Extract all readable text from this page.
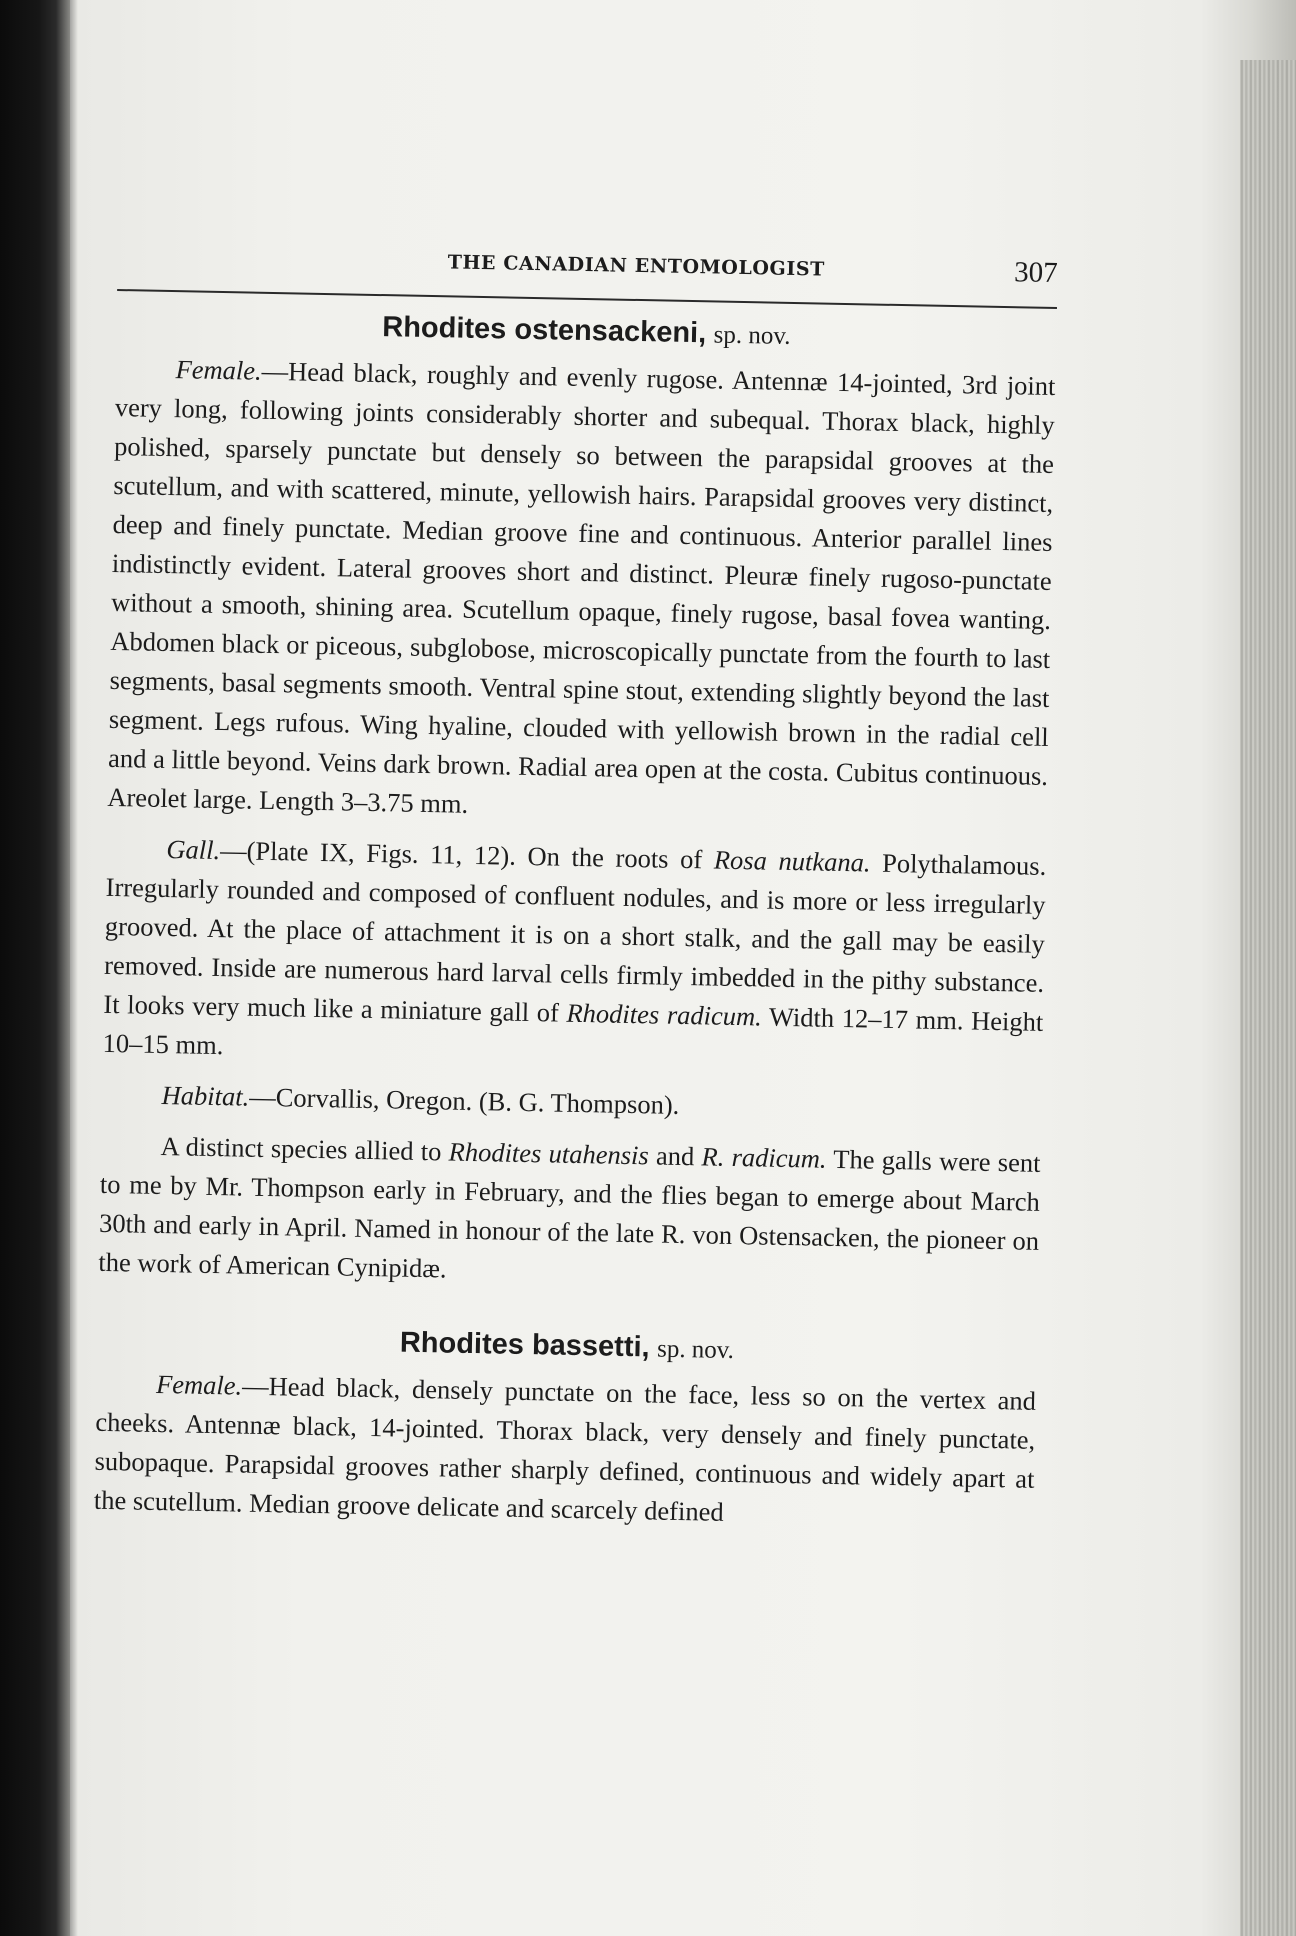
THE CANADIAN ENTOMOLOGIST	307
Rhodites ostensackeni, sp. nov.

Female.—Head black, roughly and evenly rugose. Antennæ 14-jointed, 3rd joint very long, following joints considerably shorter and subequal. Thorax black, highly polished, sparsely punctate but densely so between the parapsidal grooves at the scutellum, and with scattered, minute, yellowish hairs. Parapsidal grooves very distinct, deep and finely punctate. Median groove fine and continuous. Anterior parallel lines indistinctly evident. Lateral grooves short and distinct. Pleuræ finely rugoso-punctate without a smooth, shining area. Scutellum opaque, finely rugose, basal fovea wanting. Abdomen black or piceous, subglobose, microscopically punctate from the fourth to last segments, basal segments smooth. Ventral spine stout, extending slightly beyond the last segment. Legs rufous. Wing hyaline, clouded with yellowish brown in the radial cell and a little beyond. Veins dark brown. Radial area open at the costa. Cubitus continuous. Areolet large. Length 3–3.75 mm.

Gall.—(Plate IX, Figs. 11, 12). On the roots of Rosa nutkana. Polythalamous. Irregularly rounded and composed of confluent nodules, and is more or less irregularly grooved. At the place of attachment it is on a short stalk, and the gall may be easily removed. Inside are numerous hard larval cells firmly imbedded in the pithy substance. It looks very much like a miniature gall of Rhodites radicum. Width 12–17 mm. Height 10–15 mm.

Habitat.—Corvallis, Oregon. (B. G. Thompson).

A distinct species allied to Rhodites utahensis and R. radicum. The galls were sent to me by Mr. Thompson early in February, and the flies began to emerge about March 30th and early in April. Named in honour of the late R. von Ostensacken, the pioneer on the work of American Cynipidæ.

Rhodites bassetti, sp. nov.

Female.—Head black, densely punctate on the face, less so on the vertex and cheeks. Antennæ black, 14-jointed. Thorax black, very densely and finely punctate, subopaque. Parapsidal grooves rather sharply defined, continuous and widely apart at the scutellum. Median groove delicate and scarcely defined
